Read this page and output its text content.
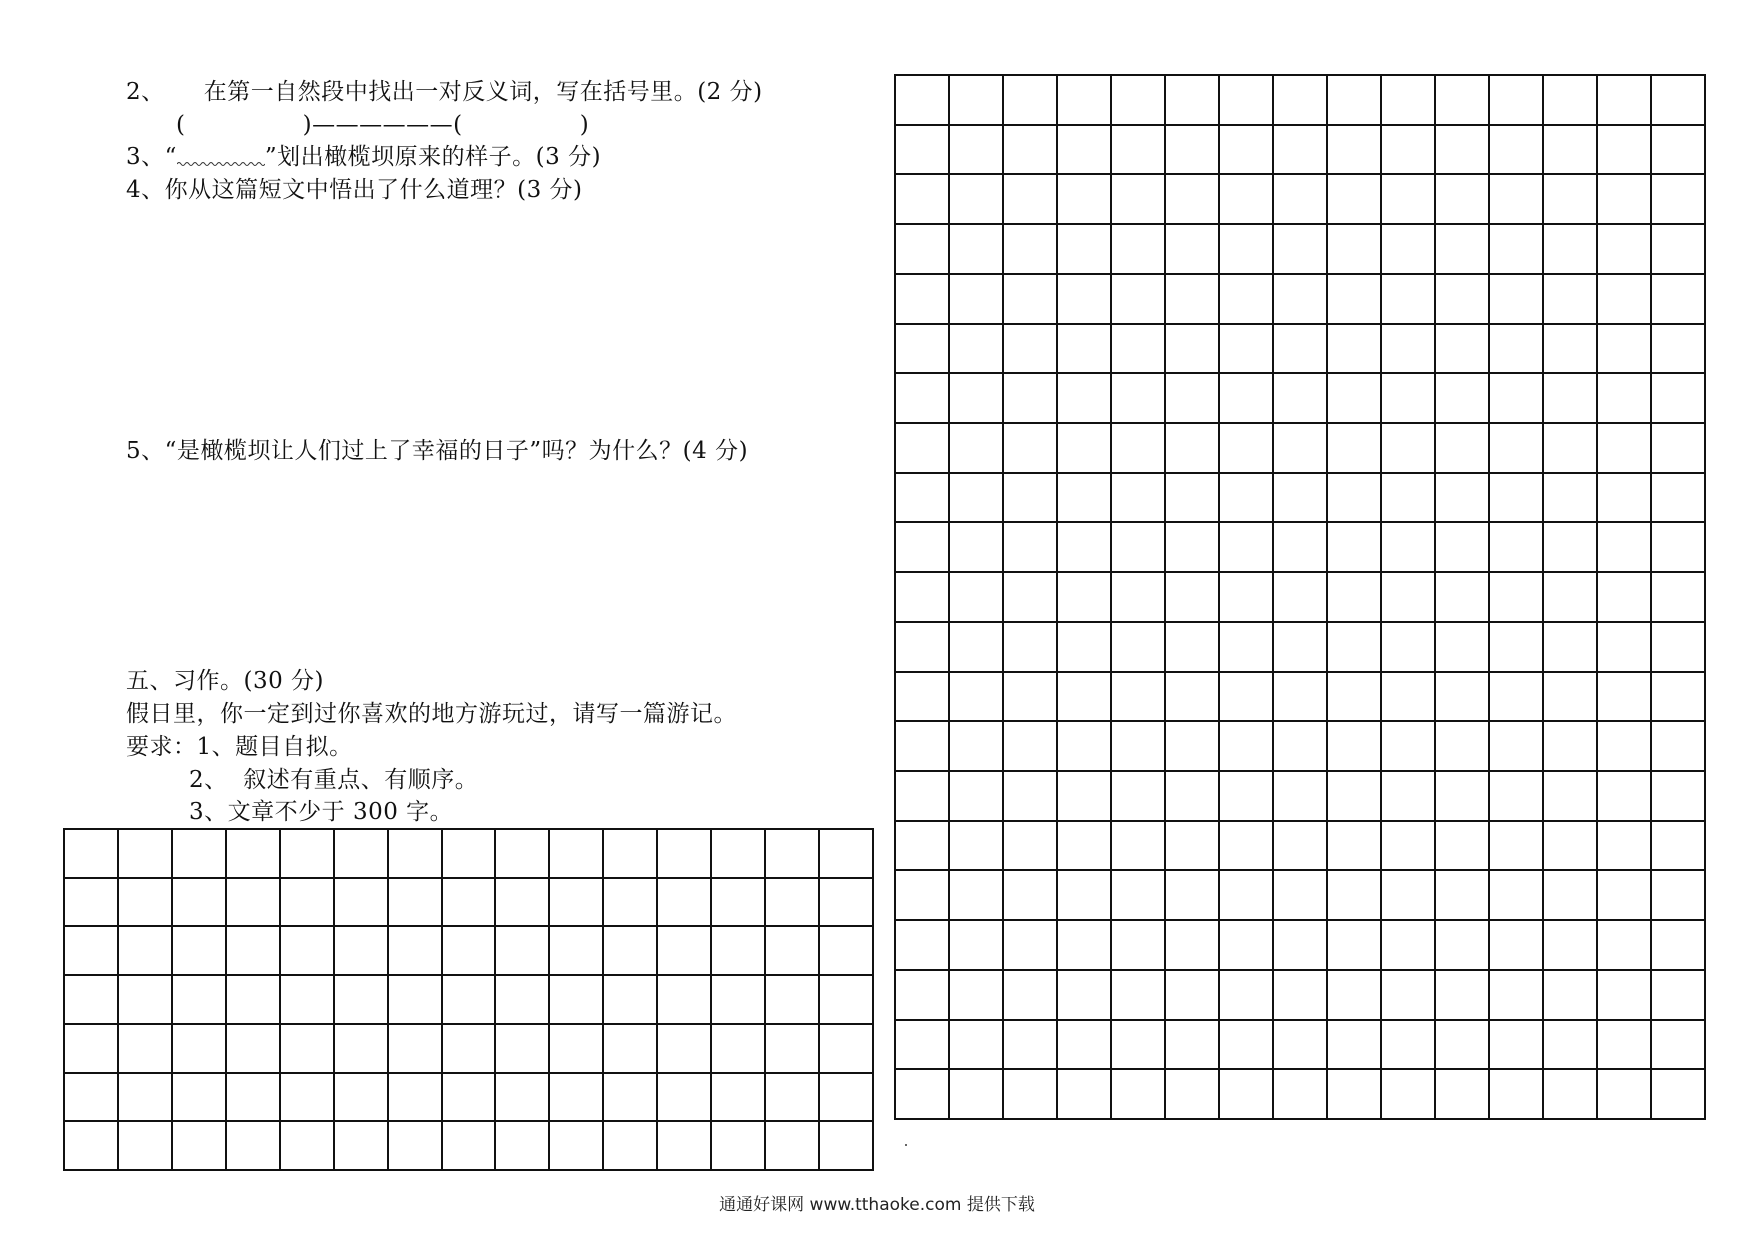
2、     在第一自然段中找出一对反义词，写在括号里。(2 分)
(               )——————(               )
3、“	”划出橄榄坝原来的样子。(3 分)
4、你从这篇短文中悟出了什么道理？(3 分)
5、“是橄榄坝让人们过上了幸福的日子”吗？为什么？(4 分)
五、习作。(30 分)
假日里，你一定到过你喜欢的地方游玩过，请写一篇游记。
要求：1、题目自拟。
2、  叙述有重点、有顺序。
3、文章不少于 300 字。
通通好课网 www.tthaoke.com 提供下载
